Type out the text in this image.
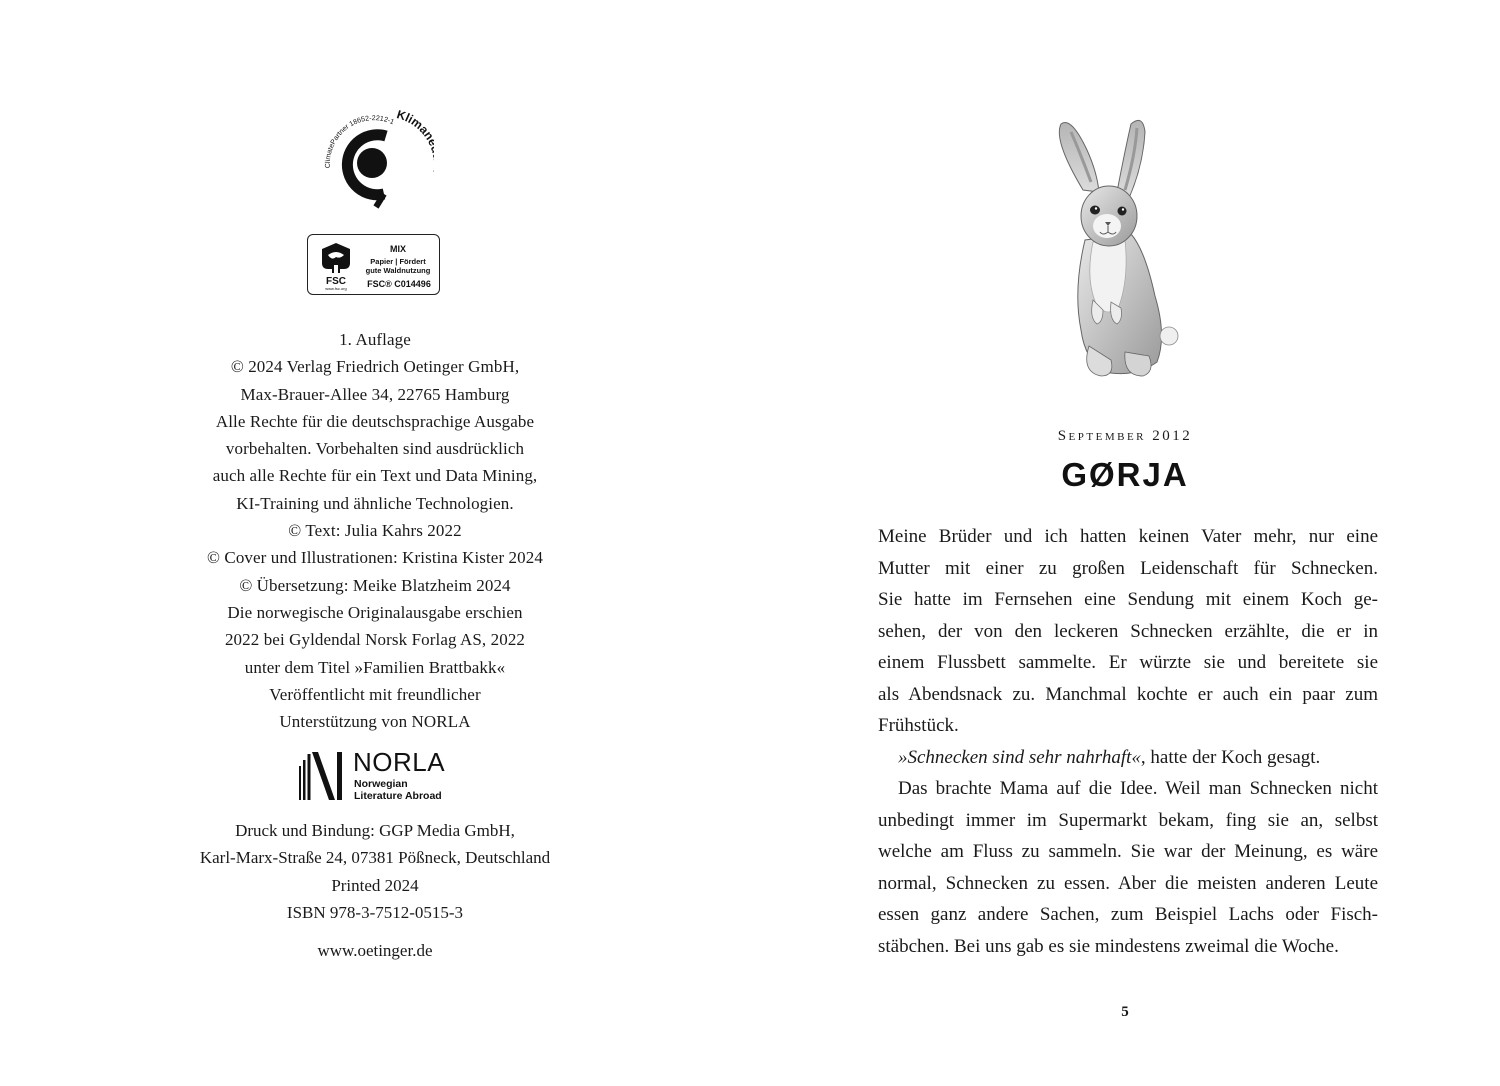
ClimatePartner 18652-2212-1 Klima
FSC
www.fsc.org
MIX
Papier | Fördert
gute Waldnutzung
FSC® C014496
1. Auflage
© 2024 Verlag Friedrich Oetinger GmbH,
Max-Brauer-Allee 34, 22765 Hamburg
Alle Rechte für die deutschsprachige Ausgabe
vorbehalten. Vorbehalten sind ausdrücklich
auch alle Rechte für ein Text und Data Mining,
KI-Training und ähnliche Technologien.
© Text: Julia Kahrs 2022
© Cover und Illustrationen: Kristina Kister 2024
© Übersetzung: Meike Blatzheim 2024
Die norwegische Originalausgabe erschien
2022 bei Gyldendal Norsk Forlag AS, 2022
unter dem Titel »Familien Brattbakk«
Veröffentlicht mit freundlicher
Unterstützung von NORLA
NORLA
Norwegian
Literature Abroad
Druck und Bindung: GGP Media GmbH,
Karl-Marx-Straße 24, 07381 Pößneck, Deutschland
Printed 2024
ISBN 978-3-7512-0515-3
www.oetinger.de
September 2012
GØRJA
Meine Brüder und ich hatten keinen Vater mehr, nur eine
Mutter mit einer zu großen Leidenschaft für Schnecken.
Sie hatte im Fernsehen eine Sendung mit einem Koch ge-
sehen, der von den leckeren Schnecken erzählte, die er in
einem Flussbett sammelte. Er würzte sie und bereitete sie
als Abendsnack zu. Manchmal kochte er auch ein paar zum
Frühstück.
»Schnecken sind sehr nahrhaft«, hatte der Koch gesagt.
Das brachte Mama auf die Idee. Weil man Schnecken nicht
unbedingt immer im Supermarkt bekam, fing sie an, selbst
welche am Fluss zu sammeln. Sie war der Meinung, es wäre
normal, Schnecken zu essen. Aber die meisten anderen Leute
essen ganz andere Sachen, zum Beispiel Lachs oder Fisch-
stäbchen. Bei uns gab es sie mindestens zweimal die Woche.
5
